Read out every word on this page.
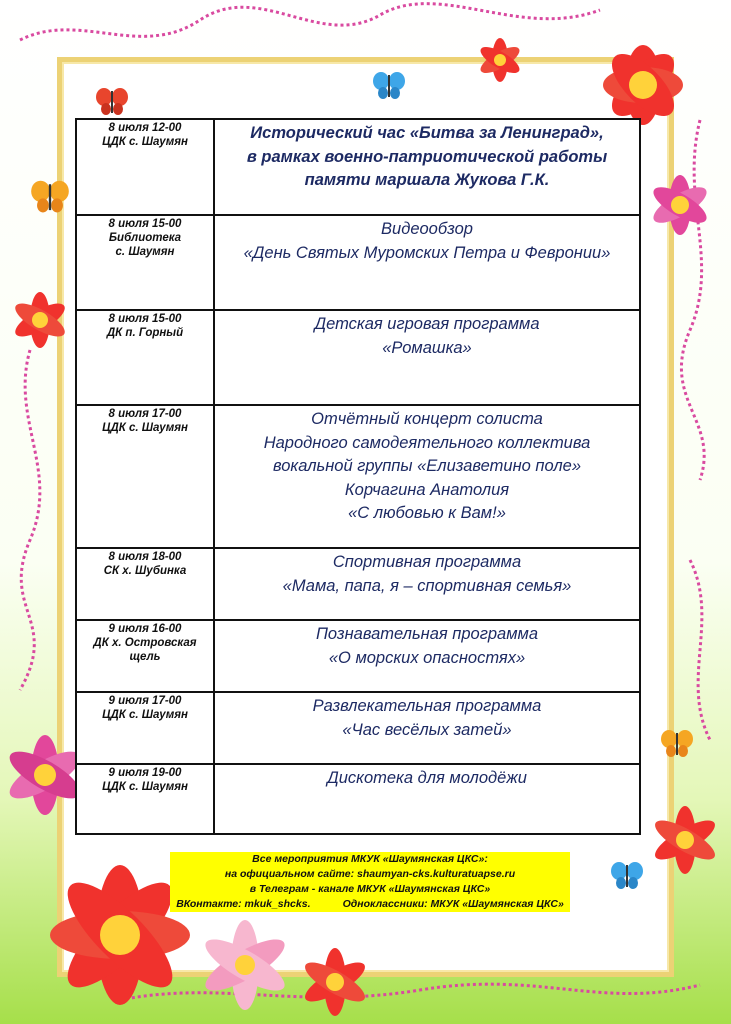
8 июля 12-00
ЦДК с. Шаумян	Исторический час «Битва за Ленинград»,
в рамках военно-патриотической работы
памяти маршала Жукова Г.К.

8 июля 15-00
Библиотека
с. Шаумян	Видеообзор
«День Святых Муромских Петра и Февронии»

8 июля 15-00
ДК п. Горный	Детская игровая программа
«Ромашка»

8 июля 17-00
ЦДК с. Шаумян	Отчётный концерт солиста
Народного самодеятельного коллектива
вокальной группы «Елизаветино поле»
Корчагина Анатолия
«С любовью к Вам!»

8 июля 18-00
СК х. Шубинка	Спортивная программа
«Мама, папа, я – спортивная семья»

9 июля 16-00
ДК х. Островская
щель	Познавательная программа
«О морских опасностях»

9 июля 17-00
ЦДК с. Шаумян	Развлекательная программа
«Час весёлых затей»

9 июля 19-00
ЦДК с. Шаумян	Дискотека для молодёжи
Все мероприятия МКУК «Шаумянская ЦКС»:
на официальном сайте: shaumyan-cks.kulturatuapse.ru
в Телеграм - канале МКУК «Шаумянская ЦКС»
ВКонтакте: mkuk_shcks.           Одноклассники: МКУК «Шаумянская ЦКС»
